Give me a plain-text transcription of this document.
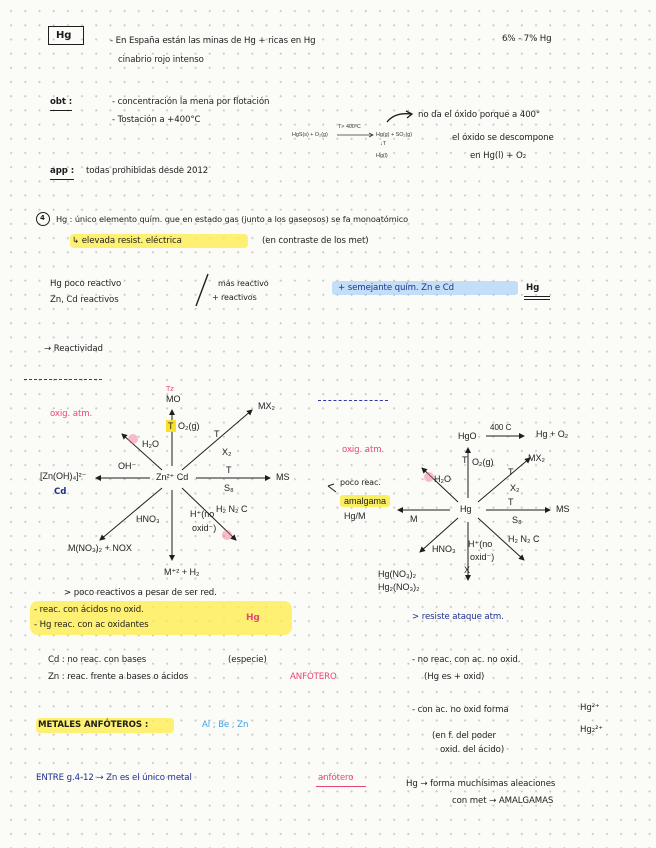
Hg	- En España están las minas de Hg + ricas en Hg	6% - 7% Hg
cinabrio rojo intenso
obt :	- concentración la mena por flotación
- Tostación a +400°C	no da el óxido porque a 400°
el óxido se descompone
en Hg(l) + O₂
HgS(s) + O₂(g)
T> 400ºC
Hg(g) + SO₂(g)
↓T
Hg(l)
app : todas prohibidas desde 2012
4 Hg : único elemento quím. que en estado gas (junto a los gaseosos) se fa monoatómico
↳ elevada resist. eléctrica	(en contraste de los met)
Hg poco reactivo
Zn, Cd reactivos
más reactivo
+ reactivos
+ semejante quím. Zn e Cd	Hg
→ Reactividad
Tz
MO
T O₂(g)
MX₂
T
X₂
oxig. atm.
H₂O
OH⁻
[Zn(OH)₄]²⁻
Cd
Zn²⁺ Cd
T
MS
S₈
H⁺(no
oxid⁻)
H₂ N₂ C
HNO₃
M(NO₃)₂ + NOX
M⁺² + H₂
HgO
400 C
Hg + O₂
T O₂(g)	MX₂
T
X₂
oxig. atm.
H₂O
poco reac.
amalgama
Hg/M	M
Hg
T
MS
S₈
H₂ N₂ C
H⁺(no
oxid⁻)
HNO₃
X
Hg(NO₃)₂
Hg₂(NO₃)₂
> poco reactivos a pesar de ser red.
- reac. con ácidos no oxid.
- Hg reac. con ac oxidantes
Hg	> resiste ataque atm.
Cd : no reac. con bases	(especie)
Zn : reac. frente a bases o ácidos	ANFÓTERO
- no reac. con ac. no oxid.
(Hg es + oxid)
- con ac. no oxid forma	Hg²⁺
(en f. del poder
Hg₂²⁺
oxid. del ácido)
Hg → forma muchísimas aleaciones
con met → AMALGAMAS
METALES ANFÓTEROS :	Al ; Be ; Zn
ENTRE g.4-12 → Zn es el único metal	anfótero
